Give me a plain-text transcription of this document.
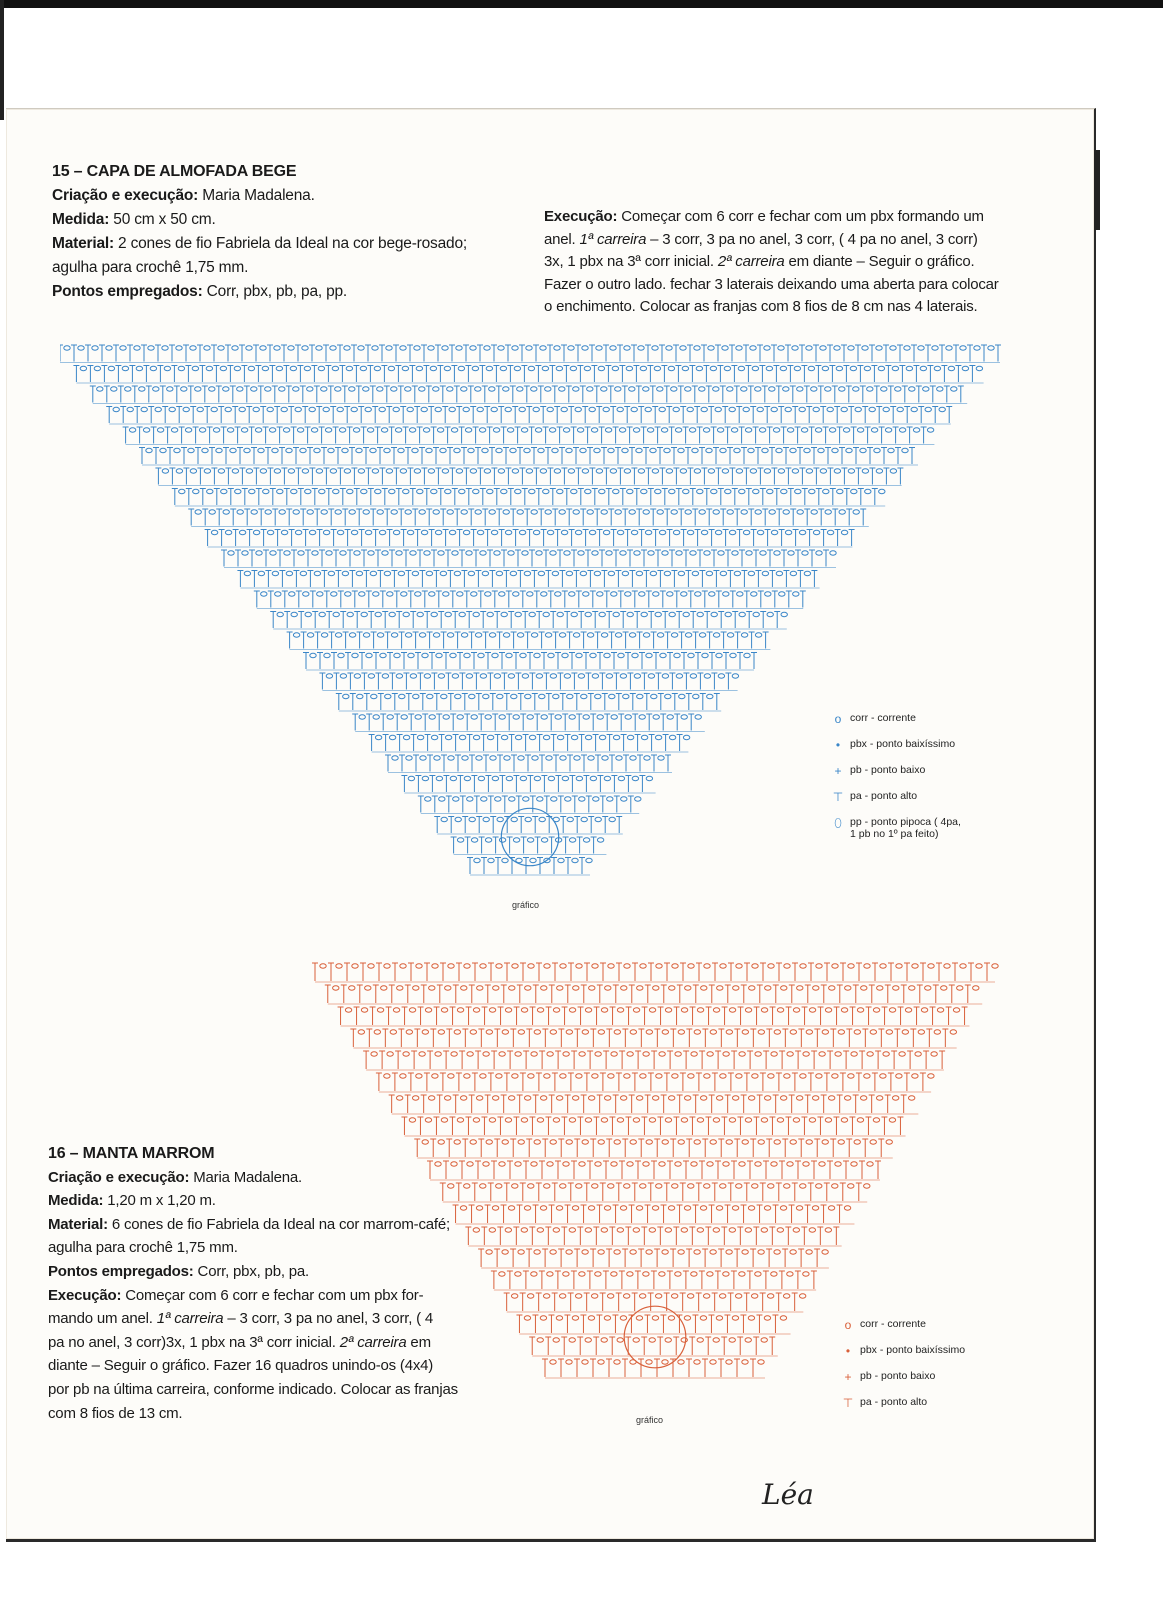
15 – CAPA DE ALMOFADA BEGE

Criação e execução: Maria Madalena.

Medida: 50 cm x 50 cm.

Material: 2 cones de fio Fabriela da Ideal na cor bege-rosado;

agulha para crochê 1,75 mm.

Pontos empregados: Corr, pbx, pb, pa, pp.

Execução: Começar com 6 corr e fechar com um pbx formando um

anel. 1ª carreira – 3 corr, 3 pa no anel, 3 corr, ( 4 pa no anel, 3 corr)

3x, 1 pbx na 3ª corr inicial. 2ª carreira em diante – Seguir o gráfico.

Fazer o outro lado. fechar 3 laterais deixando uma aberta para colocar

o enchimento. Colocar as franjas com 8 fios de 8 cm nas 4 laterais.

gráfico
o corr - corrente
• pbx - ponto baixíssimo
+ pb - ponto baixo
⊤ pa - ponto alto
⬯ pp - ponto pipoca ( 4pa,
1 pb no 1º pa feito)
gráfico
o corr - corrente
• pbx - ponto baixíssimo
+ pb - ponto baixo
⊤ pa - ponto alto

16 – MANTA MARROM

Criação e execução: Maria Madalena.

Medida: 1,20 m x 1,20 m.

Material: 6 cones de fio Fabriela da Ideal na cor marrom-café;

agulha para crochê 1,75 mm.

Pontos empregados: Corr, pbx, pb, pa.

Execução: Começar com 6 corr e fechar com um pbx for-

mando um anel. 1ª carreira – 3 corr, 3 pa no anel, 3 corr, ( 4

pa no anel, 3 corr)3x, 1 pbx na 3ª corr inicial. 2ª carreira em

diante – Seguir o gráfico. Fazer 16 quadros unindo-os (4x4)

por pb na última carreira, conforme indicado. Colocar as franjas

com 8 fios de 13 cm.

Léa
